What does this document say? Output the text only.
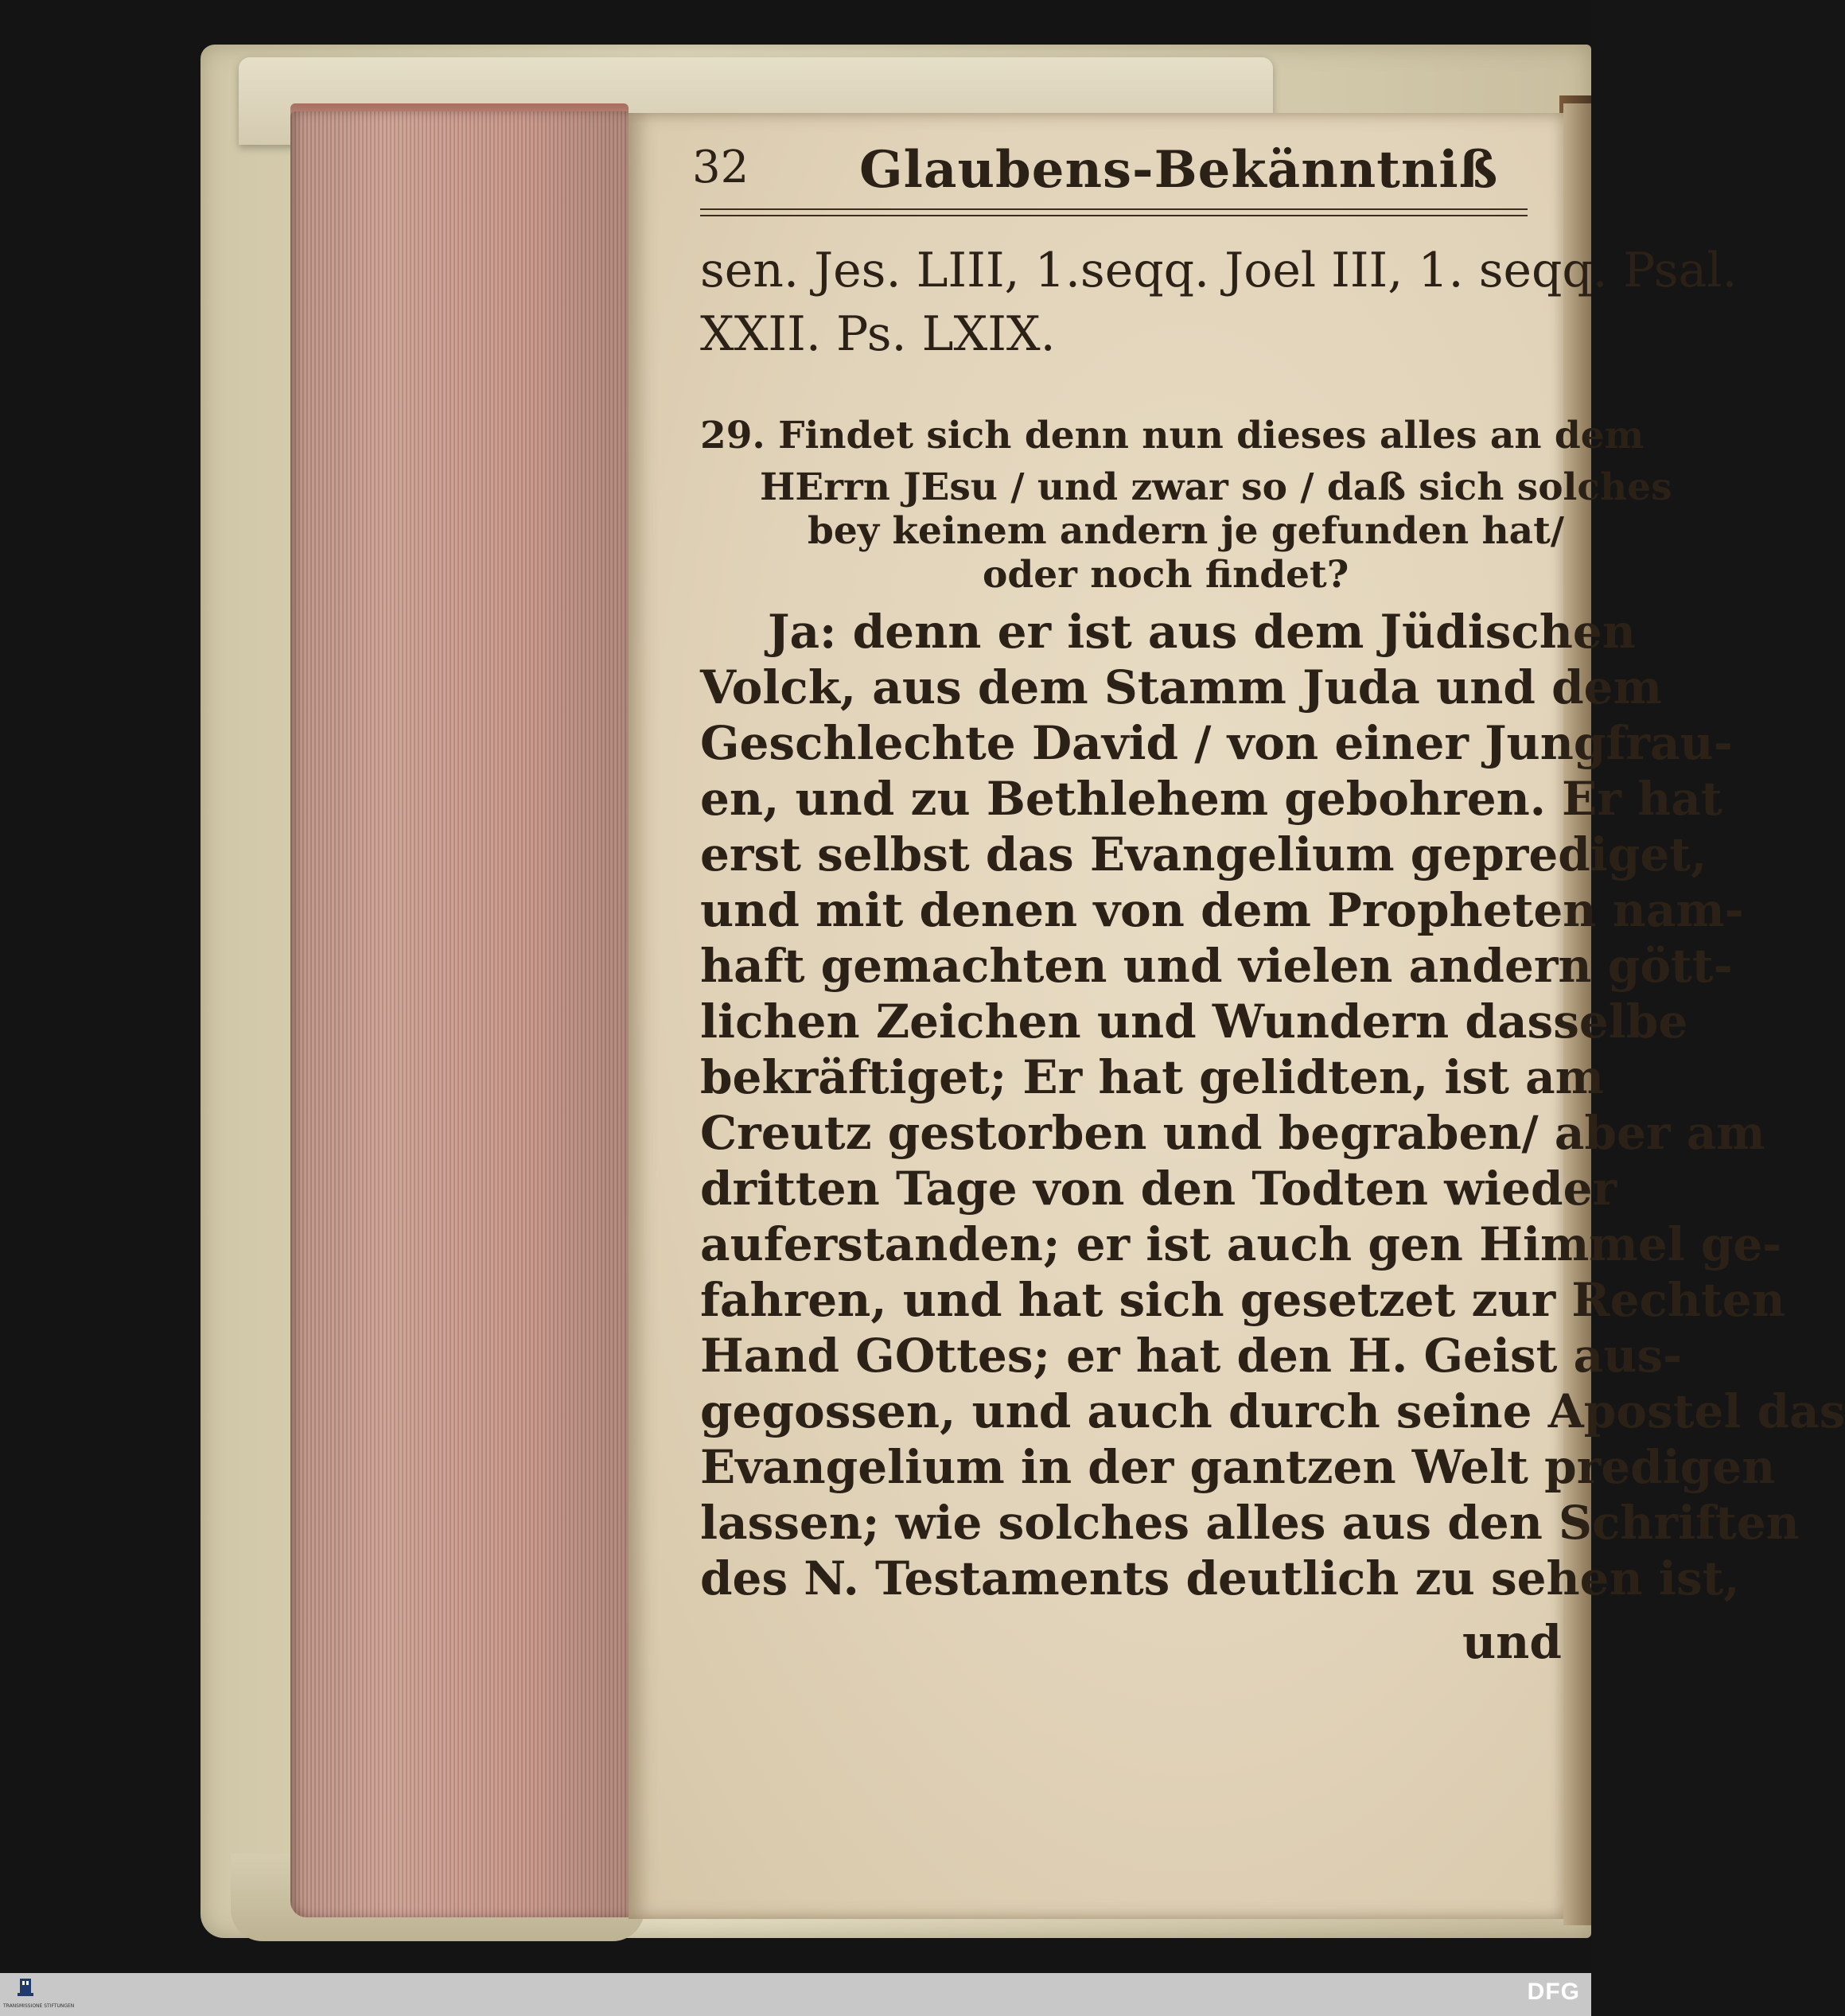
32 Glaubens-Bekänntniß
sen. Jes. LIII, 1.seqq. Joel III, 1. seqq. Psal.
XXII. Ps. LXIX.
29. Findet sich denn nun dieses alles an dem
HErrn JEsu / und zwar so / daß sich solches
bey keinem andern je gefunden hat/
oder noch findet?
Ja: denn er ist aus dem Jüdischen
Volck, aus dem Stamm Juda und dem
Geschlechte David / von einer Jungfrau-
en, und zu Bethlehem gebohren. Er hat
erst selbst das Evangelium geprediget,
und mit denen von dem Propheten nam-
haft gemachten und vielen andern gött-
lichen Zeichen und Wundern dasselbe
bekräftiget; Er hat gelidten, ist am
Creutz gestorben und begraben/ aber am
dritten Tage von den Todten wieder
auferstanden; er ist auch gen Himmel ge-
fahren, und hat sich gesetzet zur Rechten
Hand GOttes; er hat den H. Geist aus-
gegossen, und auch durch seine Apostel das
Evangelium in der gantzen Welt predigen
lassen; wie solches alles aus den Schriften
des N. Testaments deutlich zu sehen ist,
und
TRANSMISSIONE STIFTUNGEN
DFG
